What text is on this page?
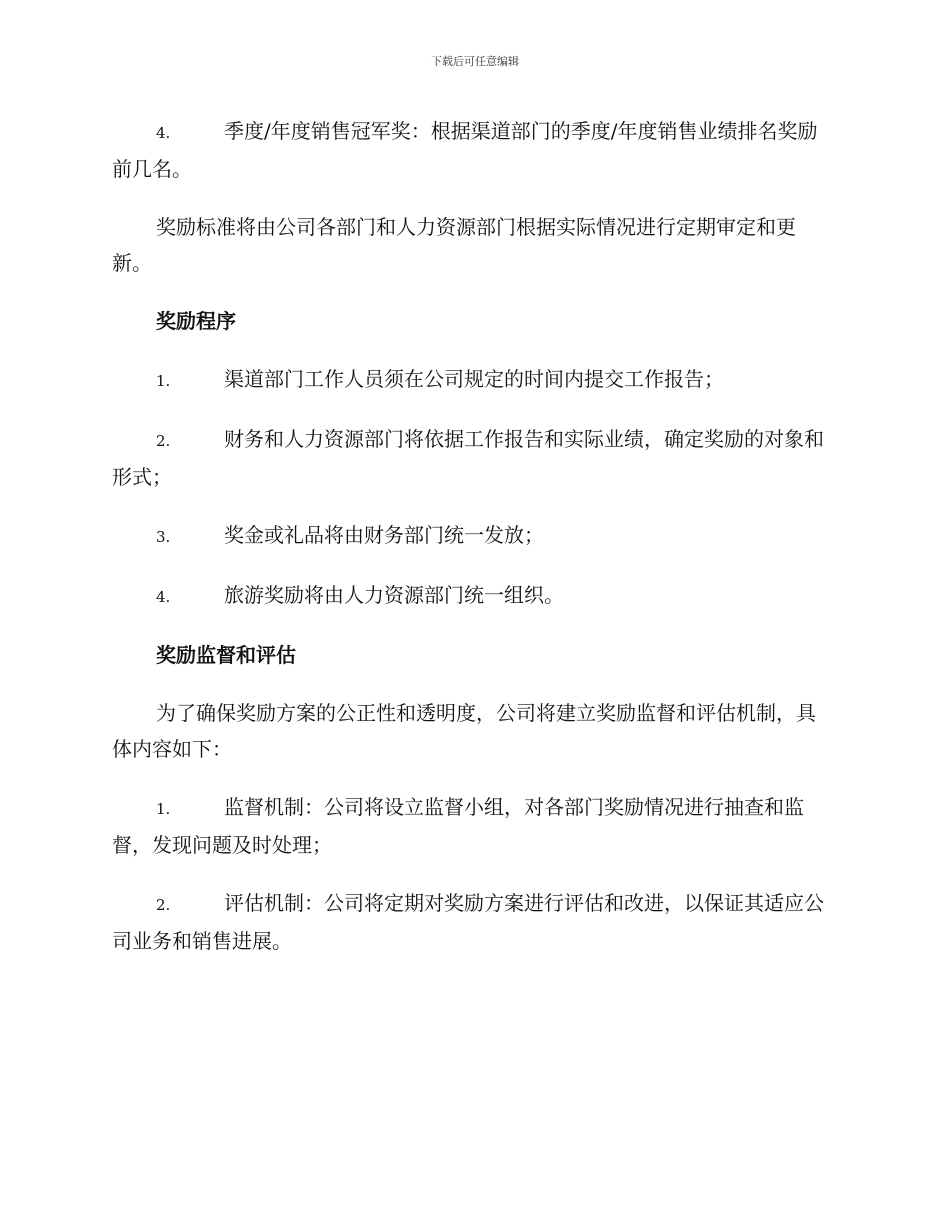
下载后可任意编辑

4.	季度/年度销售冠军奖：根据渠道部门的季度/年度销售业绩排名奖励前几名。

奖励标准将由公司各部门和人力资源部门根据实际情况进行定期审定和更新。

奖励程序

1.	渠道部门工作人员须在公司规定的时间内提交工作报告；

2.	财务和人力资源部门将依据工作报告和实际业绩，确定奖励的对象和形式；

3.	奖金或礼品将由财务部门统一发放；

4.	旅游奖励将由人力资源部门统一组织。

奖励监督和评估

为了确保奖励方案的公正性和透明度，公司将建立奖励监督和评估机制，具体内容如下：

1.	监督机制：公司将设立监督小组，对各部门奖励情况进行抽查和监督，发现问题及时处理；

2.	评估机制：公司将定期对奖励方案进行评估和改进，以保证其适应公司业务和销售进展。
